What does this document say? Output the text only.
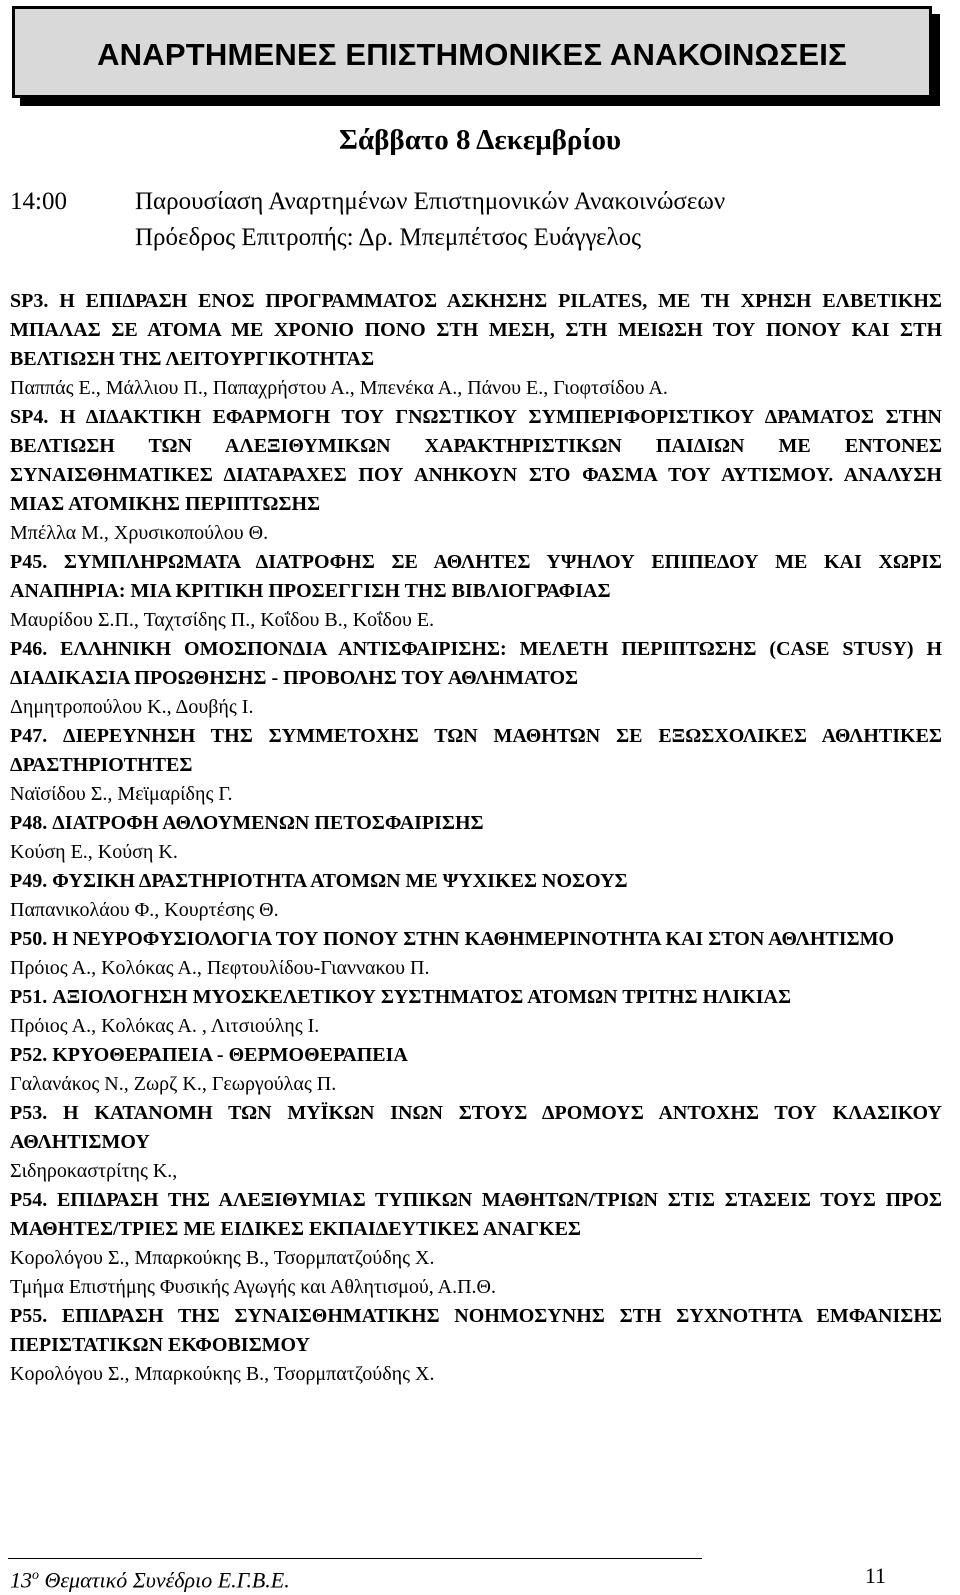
ΑΝΑΡΤΗΜΕΝΕΣ ΕΠΙΣΤΗΜΟΝΙΚΕΣ ΑΝΑΚΟΙΝΩΣΕΙΣ
Σάββατο 8 Δεκεμβρίου
14:00	Παρουσίαση Αναρτημένων Επιστημονικών Ανακοινώσεων
Πρόεδρος Επιτροπής: Δρ. Μπεμπέτσος Ευάγγελος

SP3. Η ΕΠΙΔΡΑΣΗ ΕΝΟΣ ΠΡΟΓΡΑΜΜΑΤΟΣ ΑΣΚΗΣΗΣ PILATES, ΜΕ ΤΗ ΧΡΗΣΗ ΕΛΒΕΤΙΚΗΣ ΜΠΑΛΑΣ ΣΕ ΑΤΟΜΑ ΜΕ ΧΡΟΝΙΟ ΠΟΝΟ ΣΤΗ ΜΕΣΗ, ΣΤΗ ΜΕΙΩΣΗ ΤΟΥ ΠΟΝΟΥ ΚΑΙ ΣΤΗ ΒΕΛΤΙΩΣΗ ΤΗΣ ΛΕΙΤΟΥΡΓΙΚΟΤΗΤΑΣ

Παππάς Ε., Μάλλιου Π., Παπαχρήστου Α., Μπενέκα Α., Πάνου Ε., Γιοφτσίδου Α.

SP4. Η ΔΙΔΑΚΤΙΚΗ ΕΦΑΡΜΟΓΗ ΤΟΥ ΓΝΩΣΤΙΚΟΥ ΣΥΜΠΕΡΙΦΟΡΙΣΤΙΚΟΥ ΔΡΑΜΑΤΟΣ ΣΤΗΝ ΒΕΛΤΙΩΣΗ ΤΩΝ ΑΛΕΞΙΘΥΜΙΚΩΝ ΧΑΡΑΚΤΗΡΙΣΤΙΚΩΝ ΠΑΙΔΙΩΝ ΜΕ ΕΝΤΟΝΕΣ ΣΥΝΑΙΣΘΗΜΑΤΙΚΕΣ ΔΙΑΤΑΡΑΧΕΣ ΠΟΥ ΑΝΗΚΟΥΝ ΣΤΟ ΦΑΣΜΑ ΤΟΥ ΑΥΤΙΣΜΟΥ. ΑΝΑΛΥΣΗ ΜΙΑΣ ΑΤΟΜΙΚΗΣ ΠΕΡΙΠΤΩΣΗΣ

Μπέλλα Μ., Χρυσικοπούλου Θ.

P45. ΣΥΜΠΛΗΡΩΜΑΤΑ ΔΙΑΤΡΟΦΗΣ ΣΕ ΑΘΛΗΤΕΣ ΥΨΗΛΟΥ ΕΠΙΠΕΔΟΥ ΜΕ ΚΑΙ ΧΩΡΙΣ ΑΝΑΠΗΡΙΑ: ΜΙΑ ΚΡΙΤΙΚΗ ΠΡΟΣΕΓΓΙΣΗ ΤΗΣ ΒΙΒΛΙΟΓΡΑΦΙΑΣ

Μαυρίδου Σ.Π., Ταχτσίδης Π., Κοΐδου Β., Κοΐδου Ε.

P46. ΕΛΛΗΝΙΚΗ ΟΜΟΣΠΟΝΔΙΑ ΑΝΤΙΣΦΑΙΡΙΣΗΣ: ΜΕΛΕΤΗ ΠΕΡΙΠΤΩΣΗΣ (CASE STUSY) Η ΔΙΑΔΙΚΑΣΙΑ ΠΡΟΩΘΗΣΗΣ - ΠΡΟΒΟΛΗΣ ΤΟΥ ΑΘΛΗΜΑΤΟΣ

Δημητροπούλου Κ., Δουβής Ι.

P47. ΔΙΕΡΕΥΝΗΣΗ ΤΗΣ ΣΥΜΜΕΤΟΧΗΣ ΤΩΝ ΜΑΘΗΤΩΝ ΣΕ ΕΞΩΣΧΟΛΙΚΕΣ ΑΘΛΗΤΙΚΕΣ ΔΡΑΣΤΗΡΙΟΤΗΤΕΣ

Ναϊσίδου Σ., Μεϊμαρίδης Γ.

P48. ΔΙΑΤΡΟΦΗ ΑΘΛΟΥΜΕΝΩΝ ΠΕΤΟΣΦΑΙΡΙΣΗΣ

Κούση Ε., Κούση Κ.

P49. ΦΥΣΙΚΗ ΔΡΑΣΤΗΡΙΟΤΗΤΑ ΑΤΟΜΩΝ ΜΕ ΨΥΧΙΚΕΣ ΝΟΣΟΥΣ

Παπανικολάου Φ., Κουρτέσης Θ.

P50. Η ΝΕΥΡΟΦΥΣΙΟΛΟΓΙΑ ΤΟΥ ΠΟΝΟΥ ΣΤΗΝ ΚΑΘΗΜΕΡΙΝΟΤΗΤΑ ΚΑΙ ΣΤΟΝ ΑΘΛΗΤΙΣΜΟ

Πρόιος Α., Κολόκας Α., Πεφτουλίδου-Γιαννακου Π.

P51. ΑΞΙΟΛΟΓΗΣΗ ΜΥΟΣΚΕΛΕΤΙΚΟΥ ΣΥΣΤΗΜΑΤΟΣ ΑΤΟΜΩΝ ΤΡΙΤΗΣ ΗΛΙΚΙΑΣ

Πρόιος Α., Κολόκας Α. , Λιτσιούλης Ι.

P52. ΚΡΥΟΘΕΡΑΠΕΙΑ - ΘΕΡΜΟΘΕΡΑΠΕΙΑ

Γαλανάκος Ν., Ζωρζ Κ., Γεωργούλας Π.

P53. Η ΚΑΤΑΝΟΜΗ ΤΩΝ ΜΥΪΚΩΝ ΙΝΩΝ ΣΤΟΥΣ ΔΡΟΜΟΥΣ ΑΝΤΟΧΗΣ ΤΟΥ ΚΛΑΣΙΚΟΥ ΑΘΛΗΤΙΣΜΟΥ

Σιδηροκαστρίτης Κ.,

P54. ΕΠΙΔΡΑΣΗ ΤΗΣ ΑΛΕΞΙΘΥΜΙΑΣ ΤΥΠΙΚΩΝ ΜΑΘΗΤΩΝ/ΤΡΙΩΝ ΣΤΙΣ ΣΤΑΣΕΙΣ ΤΟΥΣ ΠΡΟΣ ΜΑΘΗΤΕΣ/ΤΡΙΕΣ ΜΕ ΕΙΔΙΚΕΣ ΕΚΠΑΙΔΕΥΤΙΚΕΣ ΑΝΑΓΚΕΣ

Κορολόγου Σ., Μπαρκούκης Β., Τσορμπατζούδης Χ.

Τμήμα Επιστήμης Φυσικής Αγωγής και Αθλητισμού, Α.Π.Θ.

P55. ΕΠΙΔΡΑΣΗ ΤΗΣ ΣΥΝΑΙΣΘΗΜΑΤΙΚΗΣ ΝΟΗΜΟΣΥΝΗΣ ΣΤΗ ΣΥΧΝΟΤΗΤΑ ΕΜΦΑΝΙΣΗΣ ΠΕΡΙΣΤΑΤΙΚΩΝ ΕΚΦΟΒΙΣΜΟΥ

Κορολόγου Σ., Μπαρκούκης Β., Τσορμπατζούδης Χ.

$13^o$ Θεματικό Συνέδριο Ε.Γ.Β.Ε.	11
